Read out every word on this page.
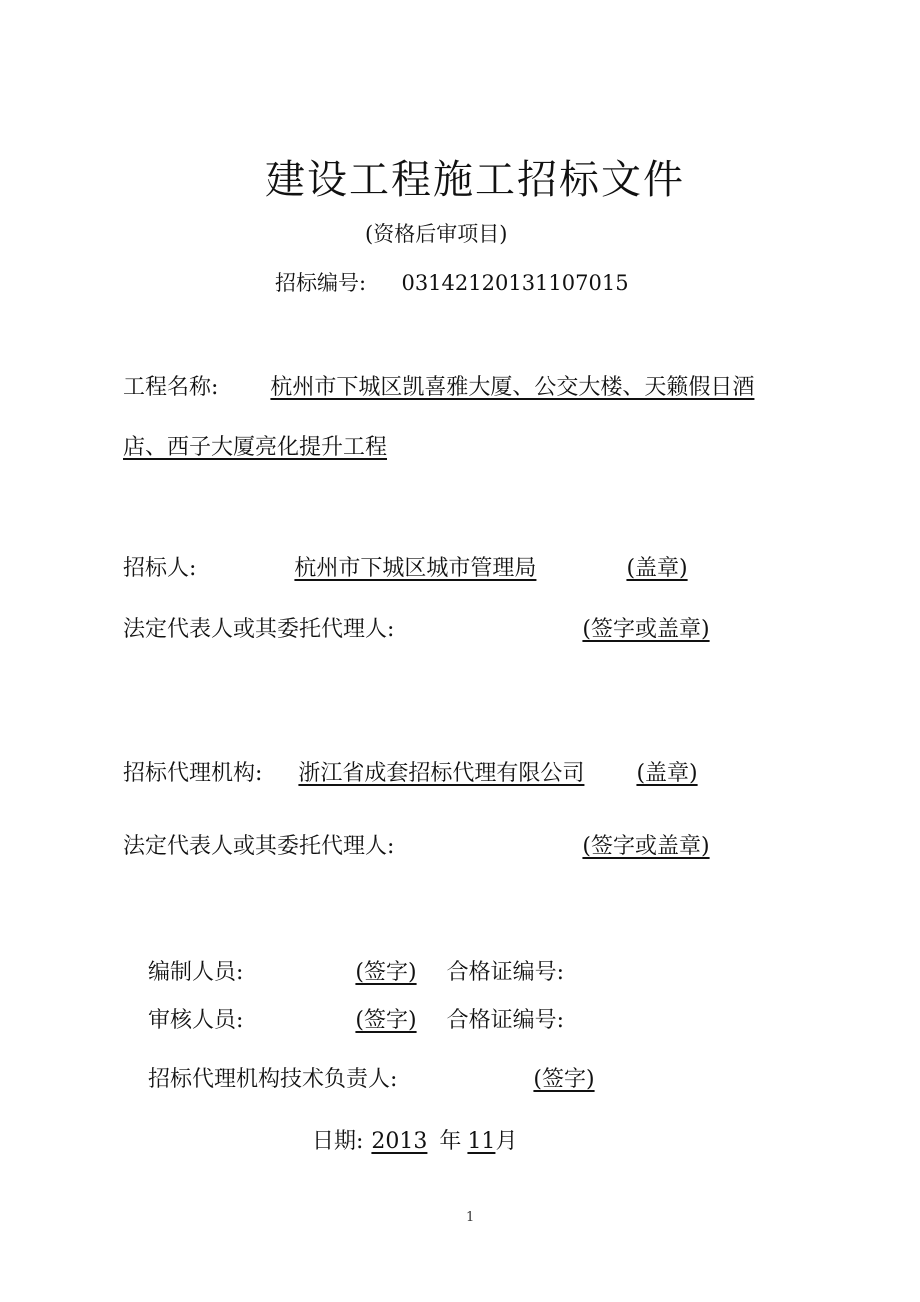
建设工程施工招标文件
(资格后审项目)
招标编号: 03142120131107015
工程名称: 杭州市下城区凯喜雅大厦、公交大楼、天籁假日酒
店、西子大厦亮化提升工程
招标人:	杭州市下城区城市管理局	(盖章)
法定代表人或其委托代理人:	(签字或盖章)
招标代理机构: 浙江省成套招标代理有限公司 (盖章)
法定代表人或其委托代理人:	(签字或盖章)
编制人员:	(签字) 合格证编号:
审核人员:	(签字) 合格证编号:
招标代理机构技术负责人:	(签字)
日期: 2013 年 11月
1
